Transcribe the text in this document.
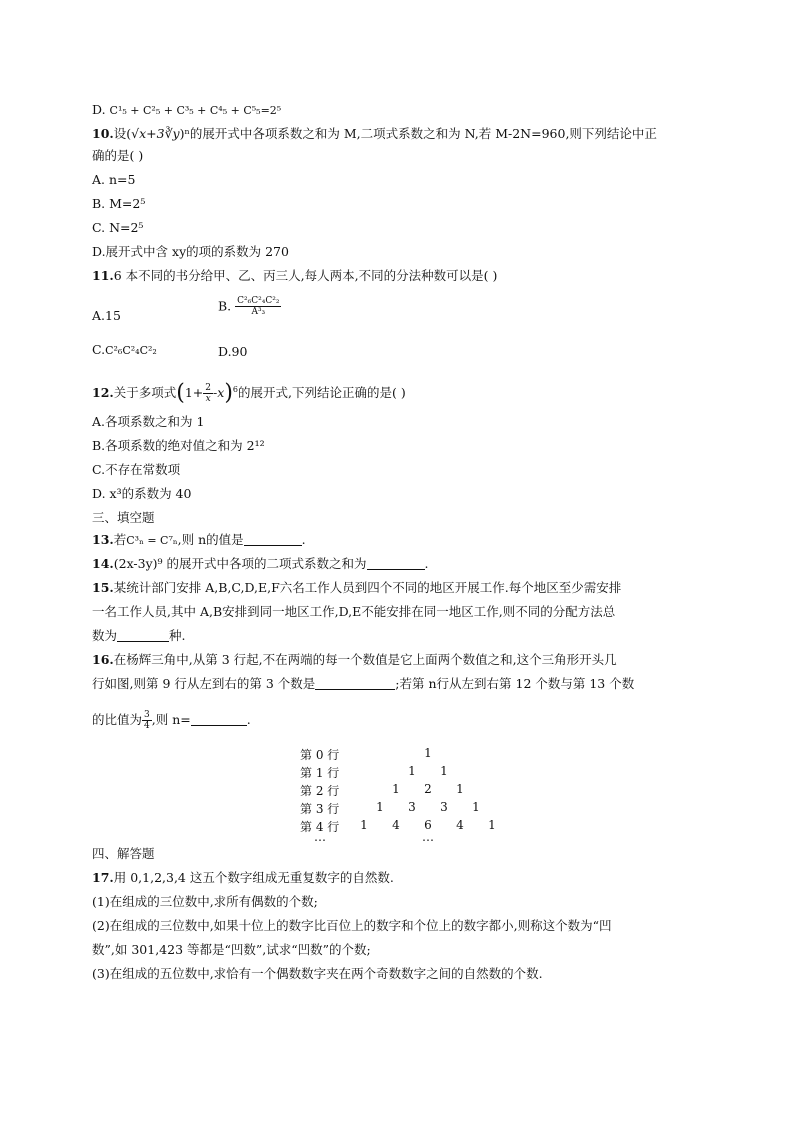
D. C¹₅ + C²₅ + C³₅ + C⁴₅ + C⁵₅=2⁵
10.设(√x+3∛y)ⁿ的展开式中各项系数之和为 M,二项式系数之和为 N,若 M-2N=960,则下列结论中正
确的是( )
A. n=5
B. M=2⁵
C. N=2⁵
D.展开式中含 xy的项的系数为 270
11.6 本不同的书分给甲、乙、丙三人,每人两本,不同的分法种数可以是( )
A.15
B. $\frac{\text{C²₆C²₄C²₂}}{\text{A³₃}}$
C.C²₆C²₄C²₂	D.90
12.关于多项式$(1+ \frac{2}{x} -x)^6$的展开式,下列结论正确的是( )
A.各项系数之和为 1
B.各项系数的绝对值之和为 2¹²
C.不存在常数项
D. x³的系数为 40
三、填空题
13.若C³ₙ = C⁷ₙ,则 n的值是	.
14.(2x-3y)⁹ 的展开式中各项的二项式系数之和为	.
15.某统计部门安排 A,B,C,D,E,F六名工作人员到四个不同的地区开展工作.每个地区至少需安排
一名工作人员,其中 A,B安排到同一地区工作,D,E不能安排在同一地区工作,则不同的分配方法总
数为	种.
16.在杨辉三角中,从第 3 行起,不在两端的每一个数值是它上面两个数值之和,这个三角形开头几
行如图,则第 9 行从左到右的第 3 个数是	;若第 n行从左到右第 12 个数与第 13 个数
的比值为 $\frac{3}{4}$ ,则 n=	.
第 0 行	1
第 1 行	1	1
第 2 行	1	2	1
第 3 行	1	3	3	1
第 4 行	1	4	6	4	1
…	…
四、解答题
17.用 0,1,2,3,4 这五个数字组成无重复数字的自然数.
(1)在组成的三位数中,求所有偶数的个数;
(2)在组成的三位数中,如果十位上的数字比百位上的数字和个位上的数字都小,则称这个数为“凹
数”,如 301,423 等都是“凹数”,试求“凹数”的个数;
(3)在组成的五位数中,求恰有一个偶数数字夹在两个奇数数字之间的自然数的个数.
